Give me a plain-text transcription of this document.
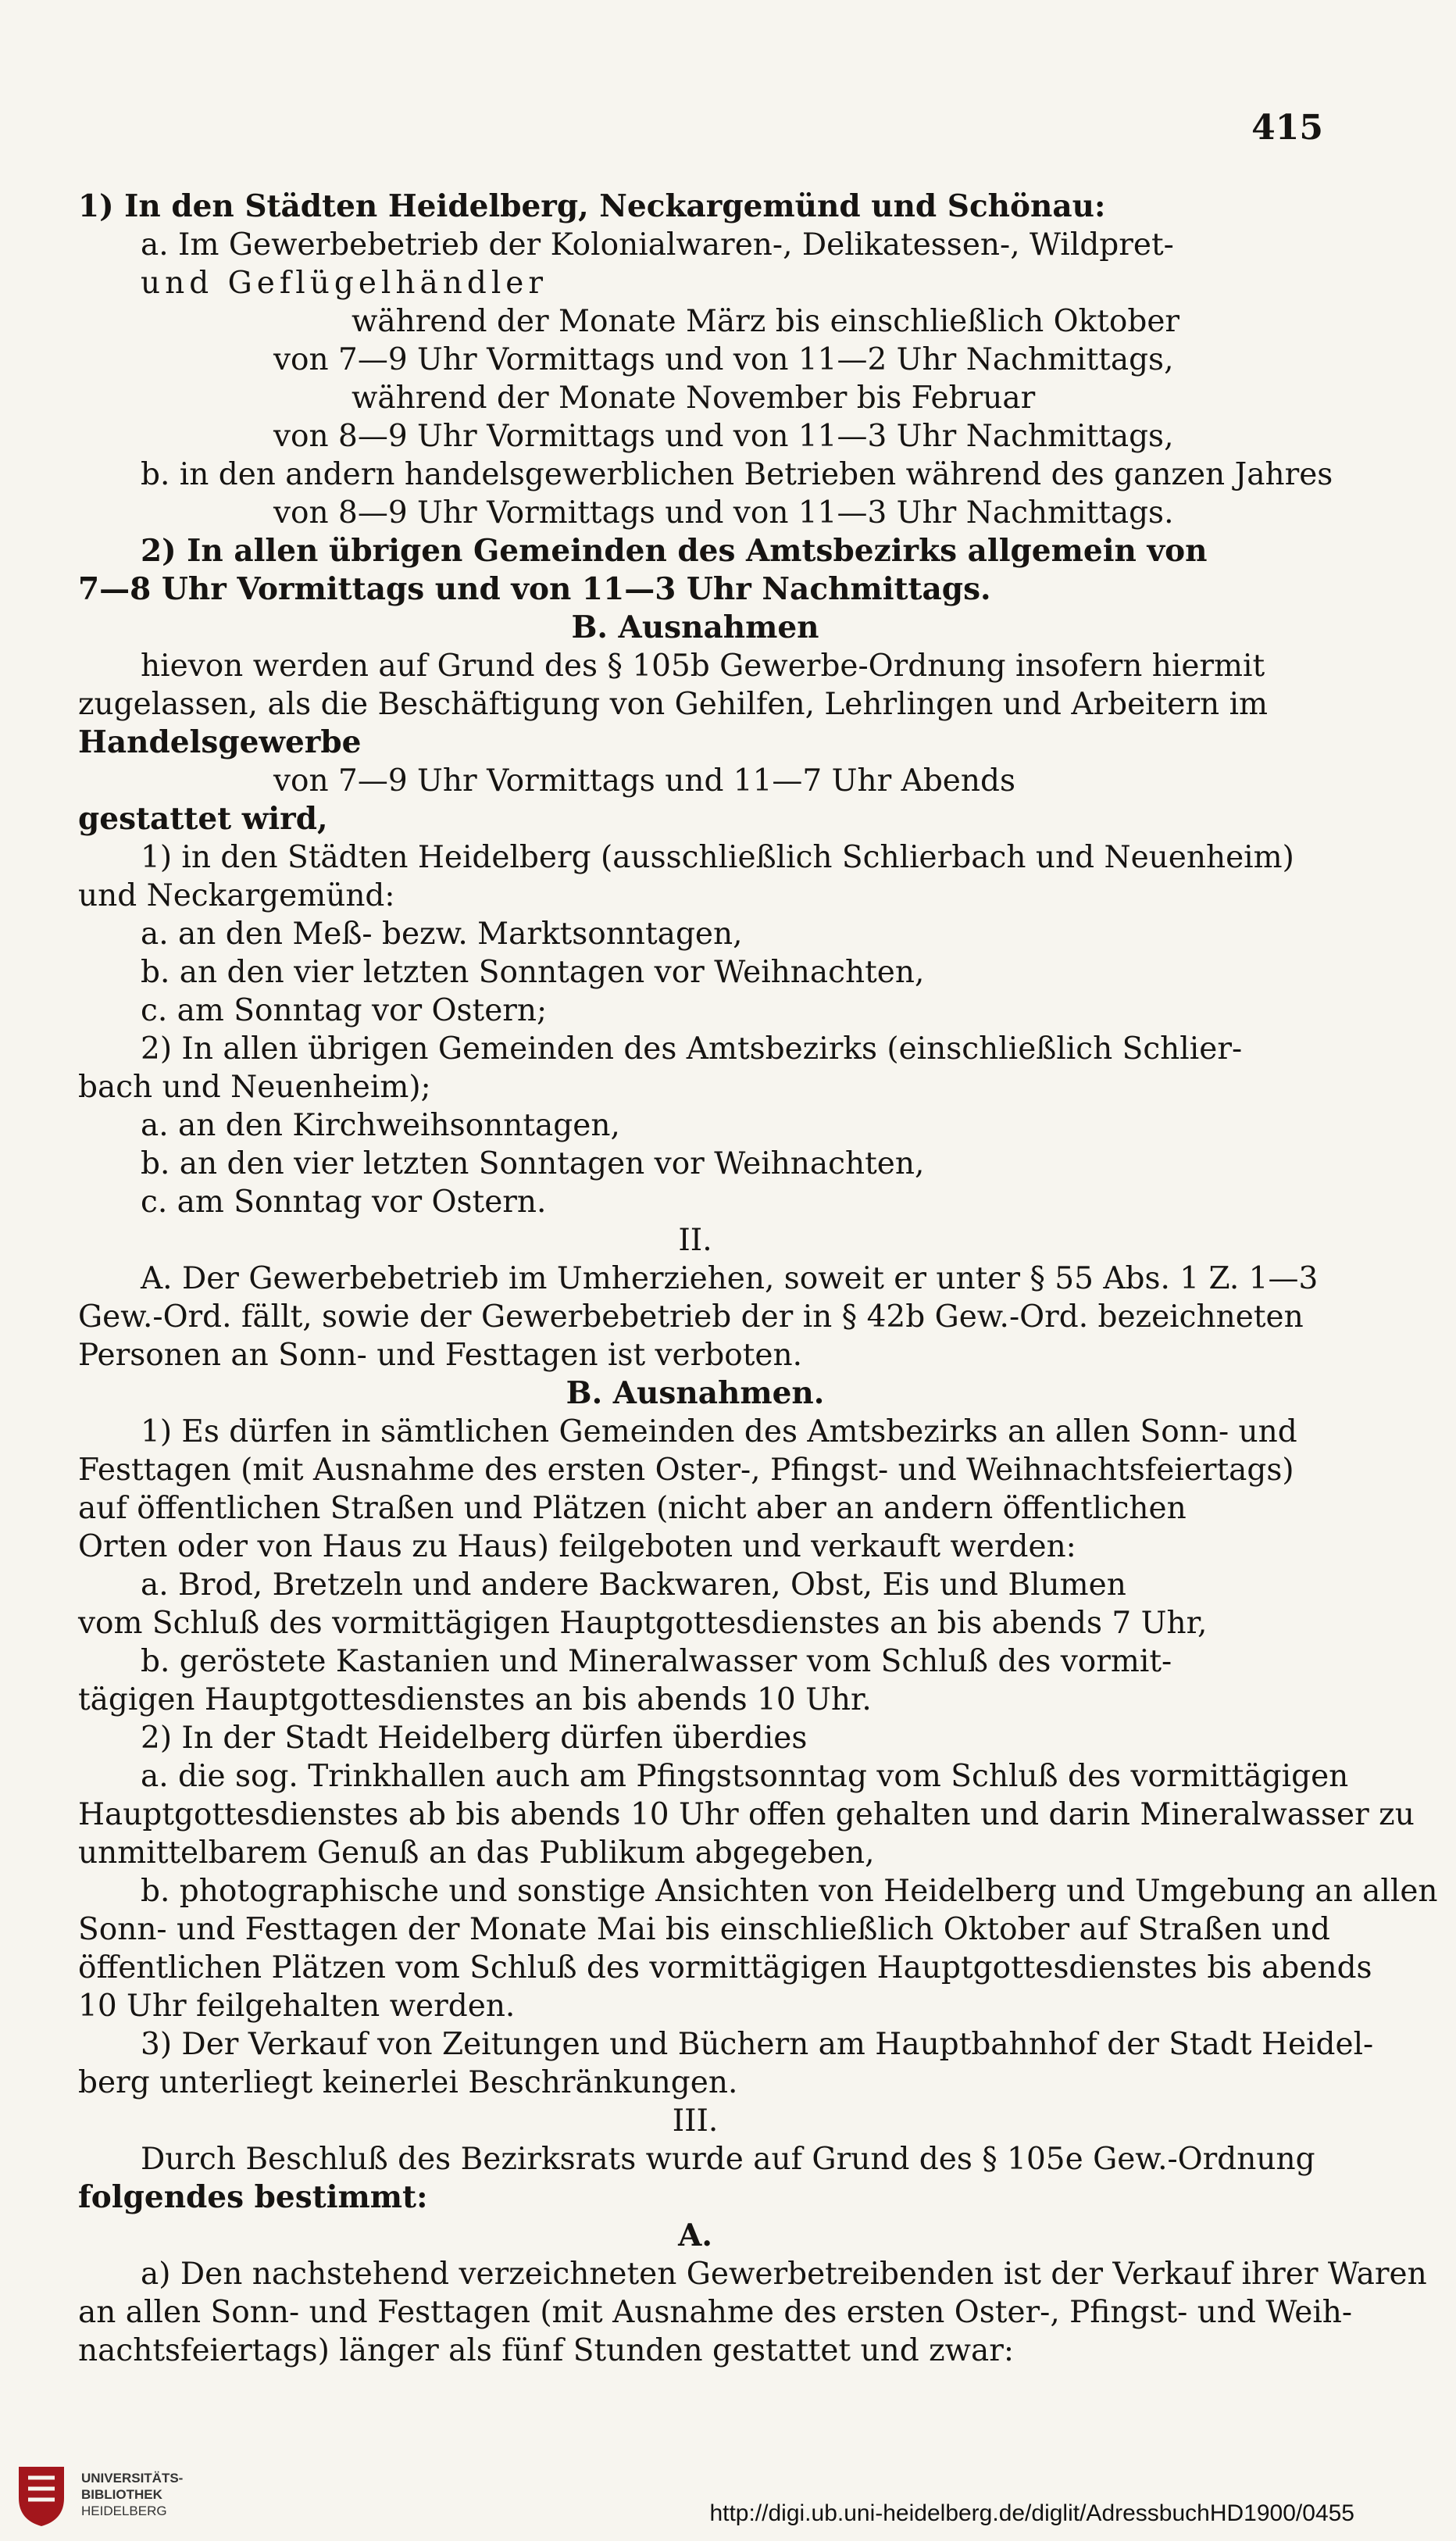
415
1) In den Städten Heidelberg, Neckargemünd und Schönau:
a. Im Gewerbebetrieb der Kolonialwaren-, Delikatessen-, Wildpret-
und Geflügelhändler
während der Monate März bis einschließlich Oktober
von 7—9 Uhr Vormittags und von 11—2 Uhr Nachmittags,
während der Monate November bis Februar
von 8—9 Uhr Vormittags und von 11—3 Uhr Nachmittags,
b. in den andern handelsgewerblichen Betrieben während des ganzen Jahres
von 8—9 Uhr Vormittags und von 11—3 Uhr Nachmittags.
2) In allen übrigen Gemeinden des Amtsbezirks allgemein von
7—8 Uhr Vormittags und von 11—3 Uhr Nachmittags.
B. Ausnahmen
hievon werden auf Grund des § 105b Gewerbe-Ordnung insofern hiermit
zugelassen, als die Beschäftigung von Gehilfen, Lehrlingen und Arbeitern im
Handelsgewerbe
von 7—9 Uhr Vormittags und 11—7 Uhr Abends
gestattet wird,
1) in den Städten Heidelberg (ausschließlich Schlierbach und Neuenheim)
und Neckargemünd:
a. an den Meß- bezw. Marktsonntagen,
b. an den vier letzten Sonntagen vor Weihnachten,
c. am Sonntag vor Ostern;
2) In allen übrigen Gemeinden des Amtsbezirks (einschließlich Schlier-
bach und Neuenheim);
a. an den Kirchweihsonntagen,
b. an den vier letzten Sonntagen vor Weihnachten,
c. am Sonntag vor Ostern.
II.
A. Der Gewerbebetrieb im Umherziehen, soweit er unter § 55 Abs. 1 Z. 1—3
Gew.-Ord. fällt, sowie der Gewerbebetrieb der in § 42b Gew.-Ord. bezeichneten
Personen an Sonn- und Festtagen ist verboten.
B. Ausnahmen.
1) Es dürfen in sämtlichen Gemeinden des Amtsbezirks an allen Sonn- und
Festtagen (mit Ausnahme des ersten Oster-, Pfingst- und Weihnachtsfeiertags)
auf öffentlichen Straßen und Plätzen (nicht aber an andern öffentlichen
Orten oder von Haus zu Haus) feilgeboten und verkauft werden:
a. Brod, Bretzeln und andere Backwaren, Obst, Eis und Blumen
vom Schluß des vormittägigen Hauptgottesdienstes an bis abends 7 Uhr,
b. geröstete Kastanien und Mineralwasser vom Schluß des vormit-
tägigen Hauptgottesdienstes an bis abends 10 Uhr.
2) In der Stadt Heidelberg dürfen überdies
a. die sog. Trinkhallen auch am Pfingstsonntag vom Schluß des vormittägigen
Hauptgottesdienstes ab bis abends 10 Uhr offen gehalten und darin Mineralwasser zu
unmittelbarem Genuß an das Publikum abgegeben,
b. photographische und sonstige Ansichten von Heidelberg und Umgebung an allen
Sonn- und Festtagen der Monate Mai bis einschließlich Oktober auf Straßen und
öffentlichen Plätzen vom Schluß des vormittägigen Hauptgottesdienstes bis abends
10 Uhr feilgehalten werden.
3) Der Verkauf von Zeitungen und Büchern am Hauptbahnhof der Stadt Heidel-
berg unterliegt keinerlei Beschränkungen.
III.
Durch Beschluß des Bezirksrats wurde auf Grund des § 105e Gew.-Ordnung
folgendes bestimmt:
A.
a) Den nachstehend verzeichneten Gewerbetreibenden ist der Verkauf ihrer Waren
an allen Sonn- und Festtagen (mit Ausnahme des ersten Oster-, Pfingst- und Weih-
nachtsfeiertags) länger als fünf Stunden gestattet und zwar:
UNIVERSITÄTS-
BIBLIOTHEK
HEIDELBERG	http://digi.ub.uni-heidelberg.de/diglit/AdressbuchHD1900/0455
